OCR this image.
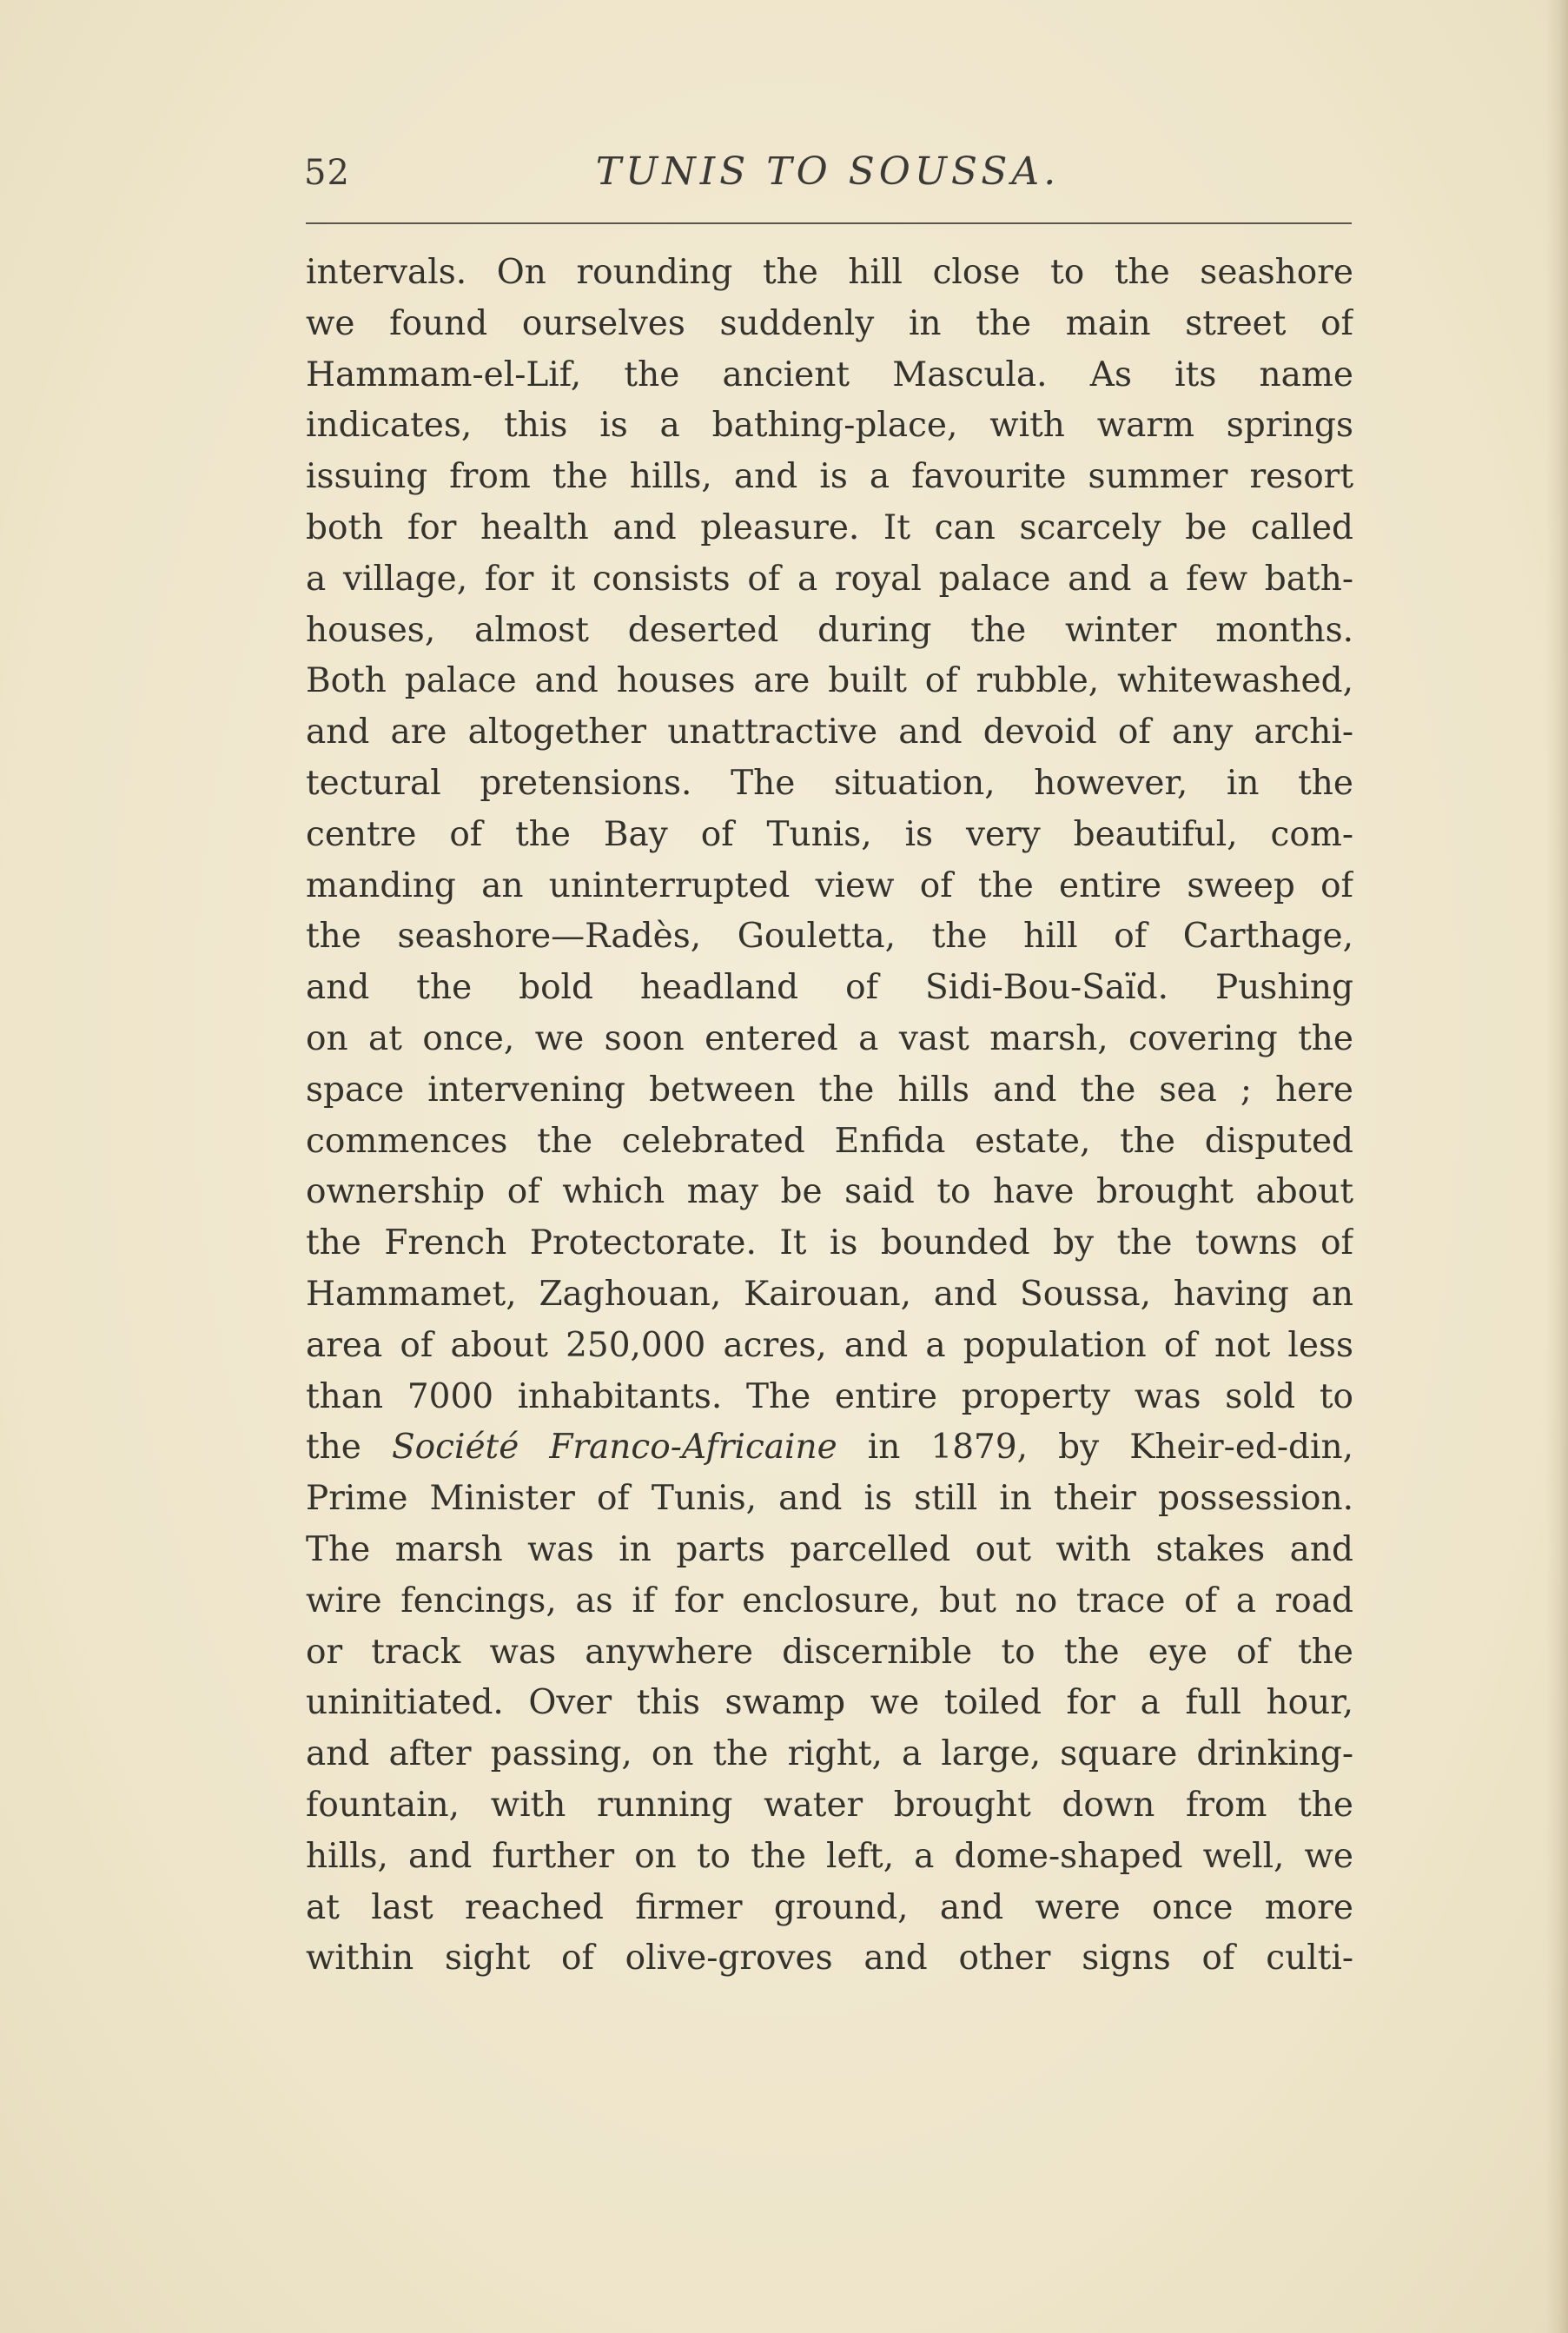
52	TUNIS TO SOUSSA.
intervals. On rounding the hill close to the seashore
we found ourselves suddenly in the main street of
Hammam-el-Lif, the ancient Mascula. As its name
indicates, this is a bathing-place, with warm springs
issuing from the hills, and is a favourite summer resort
both for health and pleasure. It can scarcely be called
a village, for it consists of a royal palace and a few bath-
houses, almost deserted during the winter months.
Both palace and houses are built of rubble, whitewashed,
and are altogether unattractive and devoid of any archi-
tectural pretensions. The situation, however, in the
centre of the Bay of Tunis, is very beautiful, com-
manding an uninterrupted view of the entire sweep of
the seashore—Radès, Gouletta, the hill of Carthage,
and the bold headland of Sidi-Bou-Saïd. Pushing
on at once, we soon entered a vast marsh, covering the
space intervening between the hills and the sea ; here
commences the celebrated Enfida estate, the disputed
ownership of which may be said to have brought about
the French Protectorate. It is bounded by the towns of
Hammamet, Zaghouan, Kairouan, and Soussa, having an
area of about 250,000 acres, and a population of not less
than 7000 inhabitants. The entire property was sold to
the Société Franco-Africaine in 1879, by Kheir-ed-din,
Prime Minister of Tunis, and is still in their possession.
The marsh was in parts parcelled out with stakes and
wire fencings, as if for enclosure, but no trace of a road
or track was anywhere discernible to the eye of the
uninitiated. Over this swamp we toiled for a full hour,
and after passing, on the right, a large, square drinking-
fountain, with running water brought down from the
hills, and further on to the left, a dome-shaped well, we
at last reached firmer ground, and were once more
within sight of olive-groves and other signs of culti-
